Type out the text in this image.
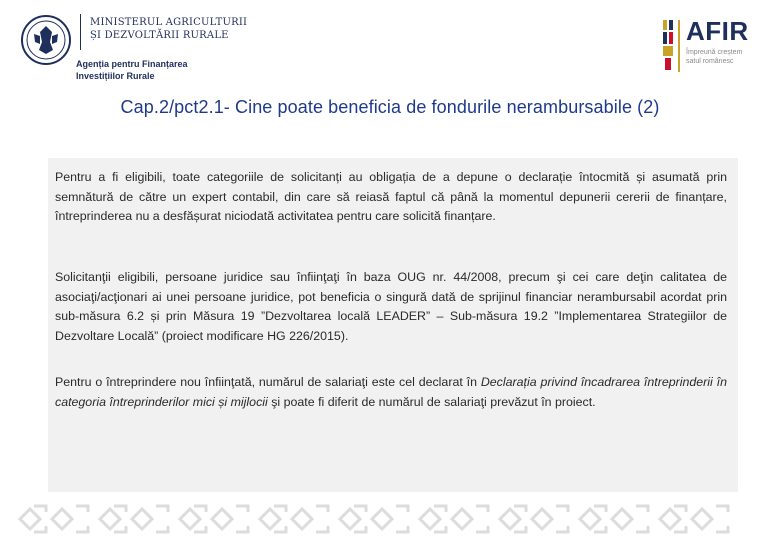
MINISTERUL AGRICULTURII
ȘI DEZVOLTĂRII RURALE
Agenția pentru Finanțarea
Investițiilor Rurale
AFIR
Împreună creștem
satul românesc
Cap.2/pct2.1- Cine poate beneficia de fondurile nerambursabile (2)

Pentru a fi eligibili, toate categoriile de solicitanți au obligația de a depune o declarație întocmită și asumată prin semnătură de către un expert contabil, din care să reiasă faptul că până la momentul depunerii cererii de finanțare, întreprinderea nu a desfășurat niciodată activitatea pentru care solicită finanțare.

Solicitanţii eligibili, persoane juridice sau înfiinţaţi în baza OUG nr. 44/2008, precum şi cei care deţin calitatea de asociaţi/acţionari ai unei persoane juridice, pot beneficia o singură dată de sprijinul financiar nerambursabil acordat prin sub-măsura 6.2 și prin Măsura 19 ”Dezvoltarea locală LEADER” – Sub-măsura 19.2 ”Implementarea Strategiilor de Dezvoltare Locală” (proiect modificare HG 226/2015).

Pentru o întreprindere nou înfiinţată, numărul de salariaţi este cel declarat în Declarația privind încadrarea întreprinderii în categoria întreprinderilor mici și mijlocii şi poate fi diferit de numărul de salariaţi prevăzut în proiect.
